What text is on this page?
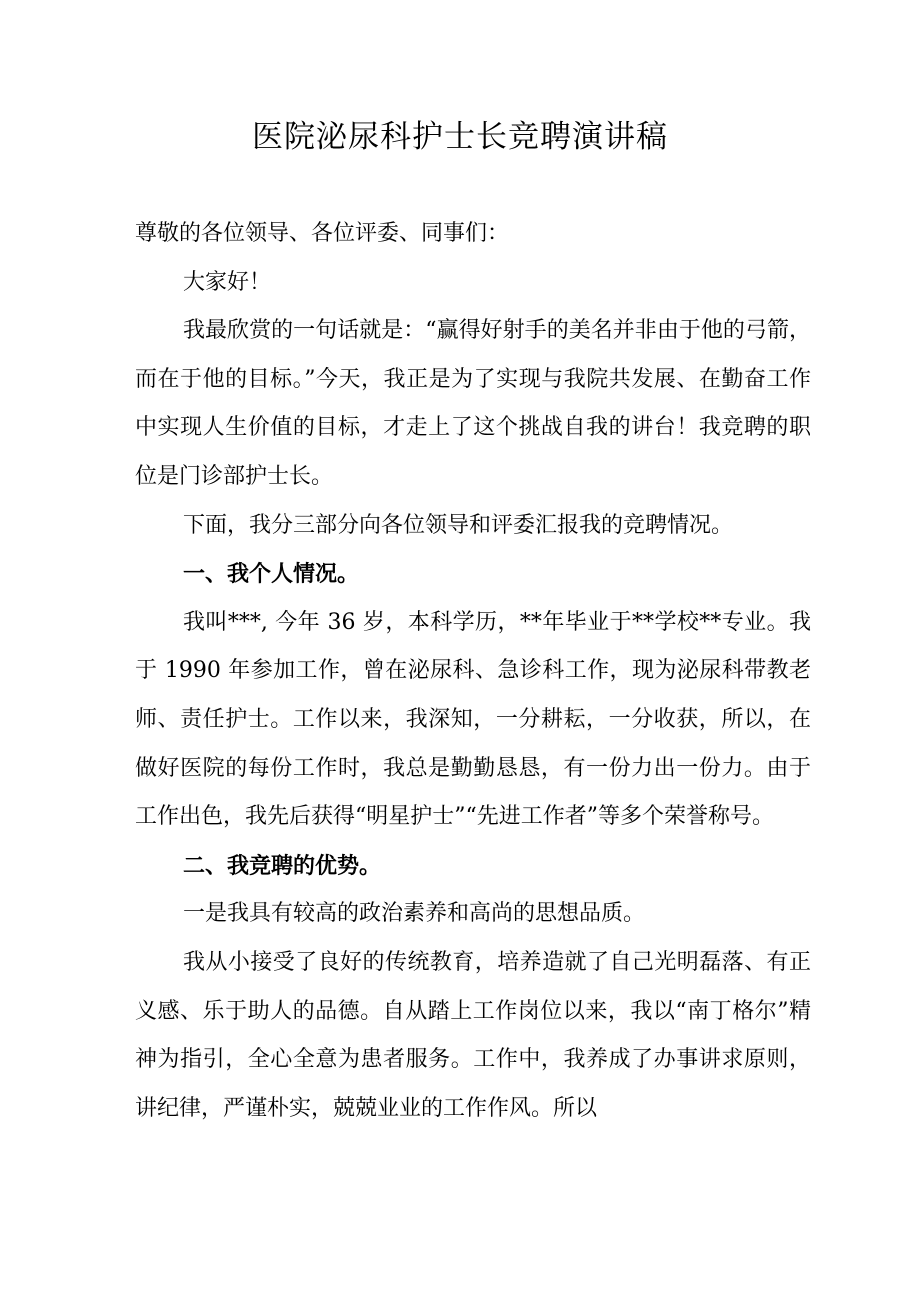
医院泌尿科护士长竞聘演讲稿

尊敬的各位领导、各位评委、同事们：

大家好！

我最欣赏的一句话就是：“赢得好射手的美名并非由于他的弓箭，而在于他的目标。”今天，我正是为了实现与我院共发展、在勤奋工作中实现人生价值的目标，才走上了这个挑战自我的讲台！我竞聘的职位是门诊部护士长。

下面，我分三部分向各位领导和评委汇报我的竞聘情况。

一、我个人情况。

我叫***, 今年 36 岁，本科学历，**年毕业于**学校**专业。我于 1990 年参加工作，曾在泌尿科、急诊科工作，现为泌尿科带教老师、责任护士。工作以来，我深知，一分耕耘，一分收获，所以，在做好医院的每份工作时，我总是勤勤恳恳，有一份力出一份力。由于工作出色，我先后获得“明星护士”“先进工作者”等多个荣誉称号。

二、我竞聘的优势。

一是我具有较高的政治素养和高尚的思想品质。

我从小接受了良好的传统教育，培养造就了自己光明磊落、有正义感、乐于助人的品德。自从踏上工作岗位以来，我以“南丁格尔”精神为指引，全心全意为患者服务。工作中，我养成了办事讲求原则，讲纪律，严谨朴实，兢兢业业的工作作风。所以
